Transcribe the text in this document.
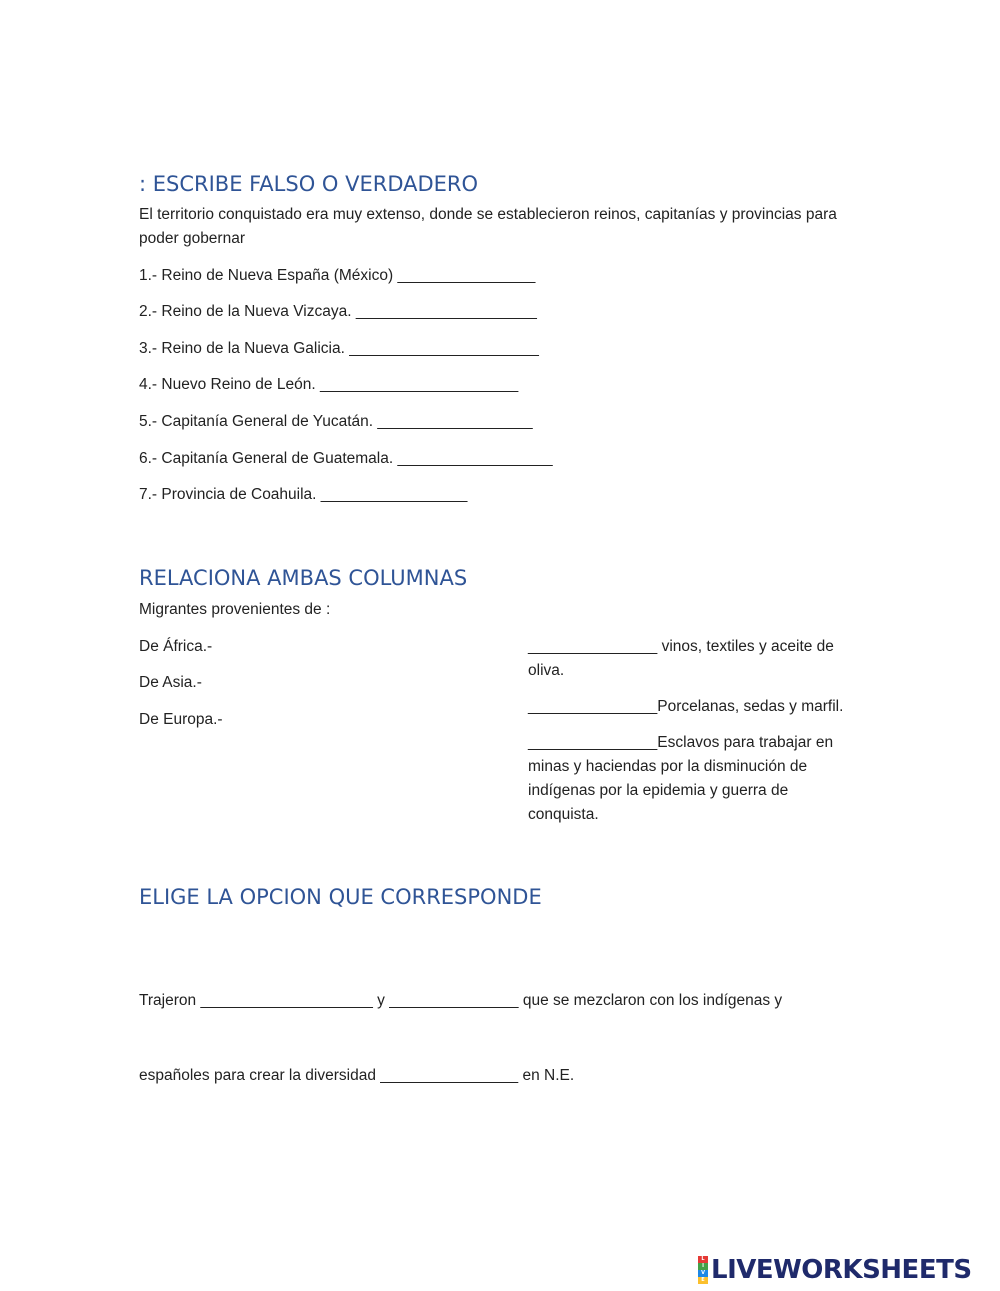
: ESCRIBE FALSO O VERDADERO

El territorio conquistado era muy extenso, donde se establecieron reinos, capitanías y provincias para poder gobernar

1.- Reino de Nueva España (México) ________________

2.- Reino de la Nueva Vizcaya. _____________________

3.- Reino de la Nueva Galicia. ______________________

4.- Nuevo Reino de León. _______________________

5.- Capitanía General de Yucatán. __________________

6.- Capitanía General de Guatemala. __________________

7.- Provincia de Coahuila. _________________

RELACIONA AMBAS COLUMNAS

Migrantes provenientes de :

De África.-

De Asia.-

De Europa.-

_______________ vinos, textiles y aceite de oliva.

_______________Porcelanas, sedas y marfil.

_______________Esclavos para trabajar en minas y haciendas por la disminución de indígenas por la epidemia y guerra de conquista.

ELIGE LA OPCION QUE CORRESPONDE

Trajeron ____________________ y _______________ que se mezclaron con los indígenas y

españoles para crear la diversidad ________________ en N.E.

L
I
V
E LIVEWORKSHEETS
